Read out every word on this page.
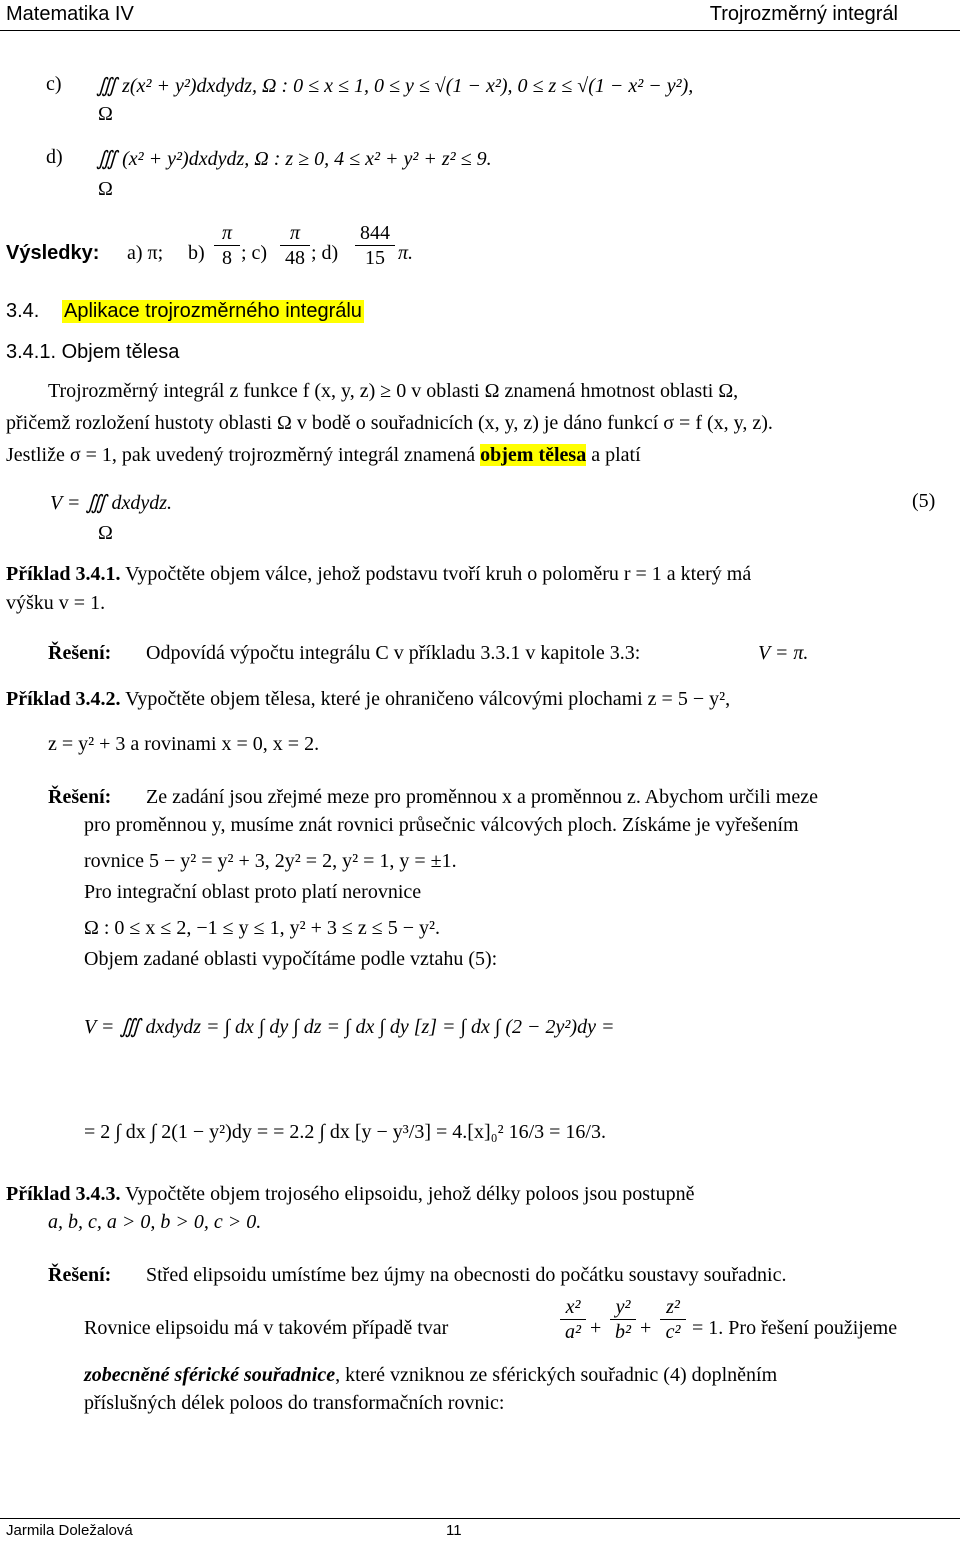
Matematika IV	Trojrozměrný integrál
c) ∭ z(x² + y²)dxdydz, Ω : 0 ≤ x ≤ 1, 0 ≤ y ≤ √(1 − x²), 0 ≤ z ≤ √(1 − x² − y²),
Ω
d) ∭ (x² + y²)dxdydz, Ω : z ≥ 0, 4 ≤ x² + y² + z² ≤ 9.
Ω
Výsledky: a) π; b)
π
8 ; c)
π
48 ; d)
844
15 π.
3.4. Aplikace trojrozměrného integrálu
3.4.1. Objem tělesa
Trojrozměrný integrál z funkce f (x, y, z) ≥ 0 v oblasti Ω znamená hmotnost oblasti Ω,
přičemž rozložení hustoty oblasti Ω v bodě o souřadnicích (x, y, z) je dáno funkcí σ = f (x, y, z).
Jestliže σ = 1, pak uvedený trojrozměrný integrál znamená objem tělesa a platí
V = ∭ dxdydz.
Ω
(5)
Příklad 3.4.1. Vypočtěte objem válce, jehož podstavu tvoří kruh o poloměru r = 1 a který má
výšku v = 1.
Řešení: Odpovídá výpočtu integrálu C v příkladu 3.3.1 v kapitole 3.3:	V = π.
Příklad 3.4.2. Vypočtěte objem tělesa, které je ohraničeno válcovými plochami z = 5 − y²,
z = y² + 3 a rovinami x = 0, x = 2.
Řešení: Ze zadání jsou zřejmé meze pro proměnnou x a proměnnou z. Abychom určili meze
pro proměnnou y, musíme znát rovnici průsečnic válcových ploch. Získáme je vyřešením
rovnice 5 − y² = y² + 3, 2y² = 2, y² = 1, y = ±1.
Pro integrační oblast proto platí nerovnice
Ω : 0 ≤ x ≤ 2, −1 ≤ y ≤ 1, y² + 3 ≤ z ≤ 5 − y².
Objem zadané oblasti vypočítáme podle vztahu (5):
V = ∭ dxdydz = ∫ dx ∫ dy ∫ dz = ∫ dx ∫ dy [z] = ∫ dx ∫ (2 − 2y²)dy =
= 2 ∫ dx ∫ 2(1 − y²)dy = = 2.2 ∫ dx [y − y³/3] = 4.[x]₀² 16/3 = 16/3.
Příklad 3.4.3. Vypočtěte objem trojosého elipsoidu, jehož délky poloos jsou postupně
a, b, c, a > 0, b > 0, c > 0.
Řešení: Střed elipsoidu umístíme bez újmy na obecnosti do počátku soustavy souřadnic.
Rovnice elipsoidu má v takovém případě tvar
x²
a² +
y²
b² +
z²
c² = 1. Pro řešení použijeme
zobecněné sférické souřadnice, které vzniknou ze sférických souřadnic (4) doplněním
příslušných délek poloos do transformačních rovnic:
Jarmila Doležalová	11
